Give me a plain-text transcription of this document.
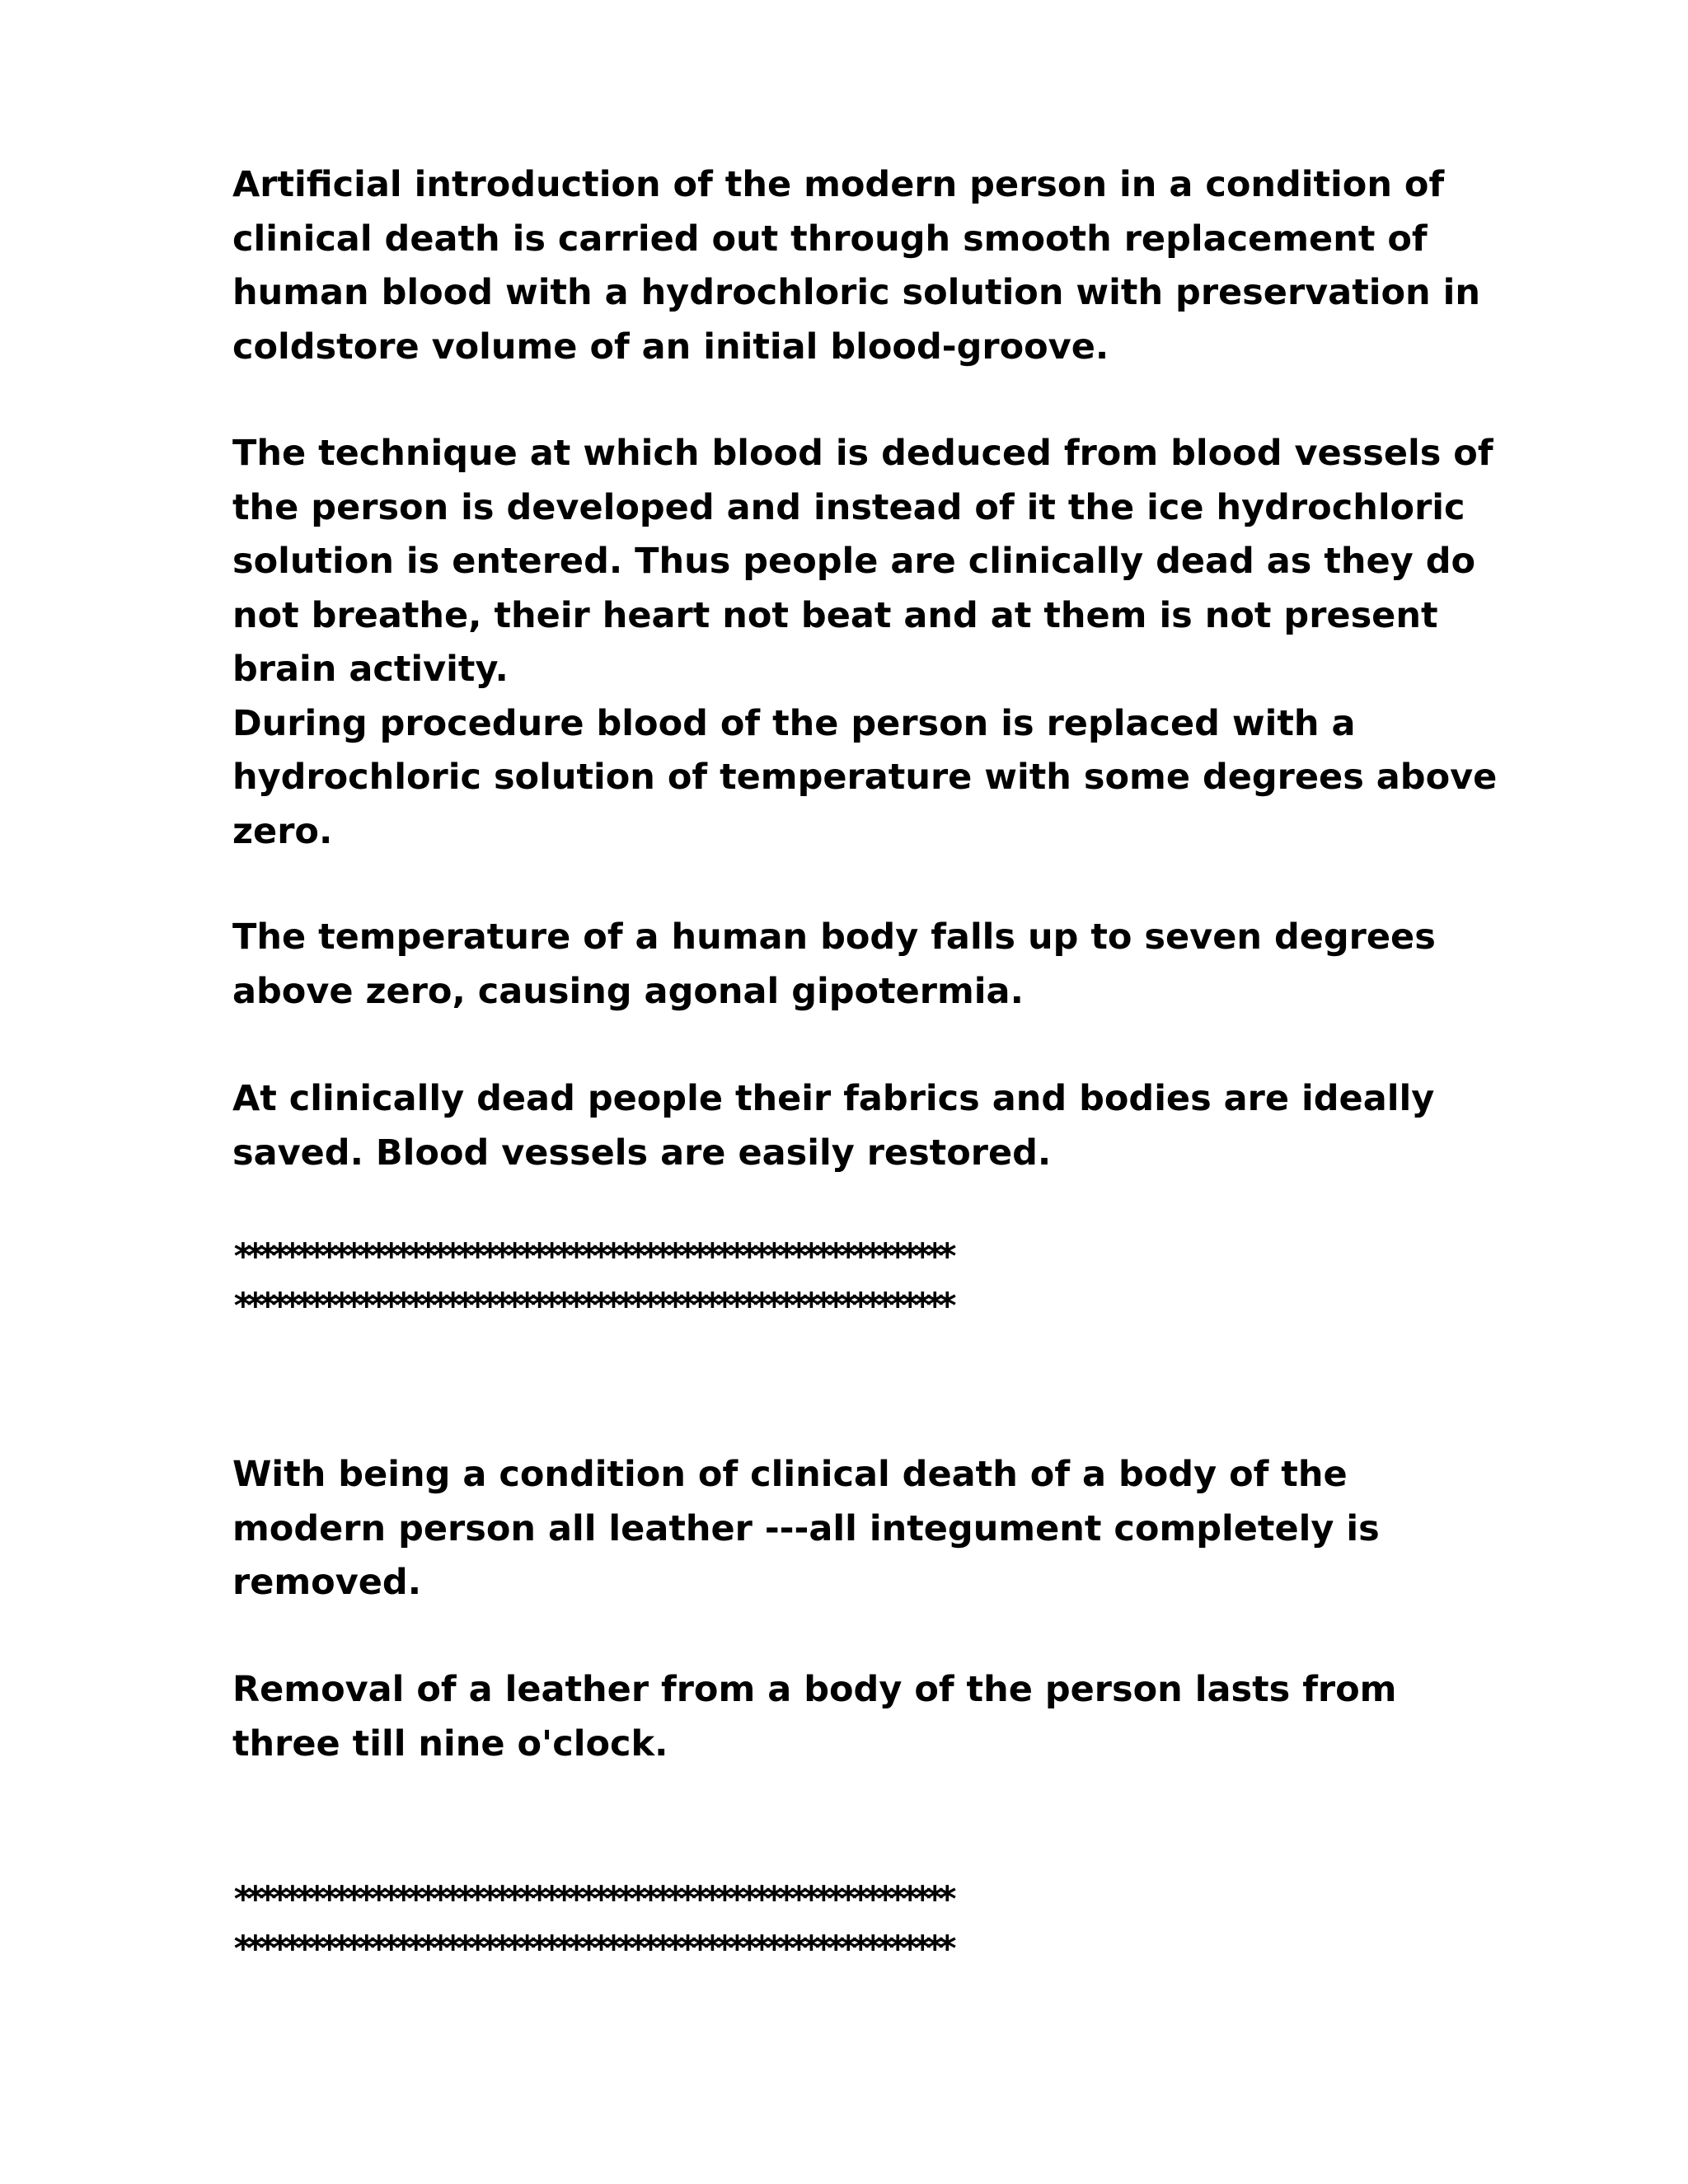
Artificial introduction of the modern person in a condition of
clinical death is carried out through smooth replacement of
human blood with a hydrochloric solution with preservation in
coldstore volume of an initial blood-groove.

The technique at which blood is deduced from blood vessels of
the person is developed and instead of it the ice hydrochloric
solution is entered. Thus people are clinically dead as they do
not breathe, their heart not beat and at them is not present
brain activity.
During procedure blood of the person is replaced with a
hydrochloric solution of temperature with some degrees above
zero.

The temperature of a human body falls up to seven degrees
above zero, causing agonal gipotermia.

At clinically dead people their fabrics and bodies are ideally
saved. Blood vessels are easily restored.

**********************************************************
**********************************************************

With being a condition of clinical death of a body of the
modern person all leather ---all integument completely is
removed.

Removal of a leather from a body of the person lasts from
three till nine o'clock.

**********************************************************
**********************************************************
